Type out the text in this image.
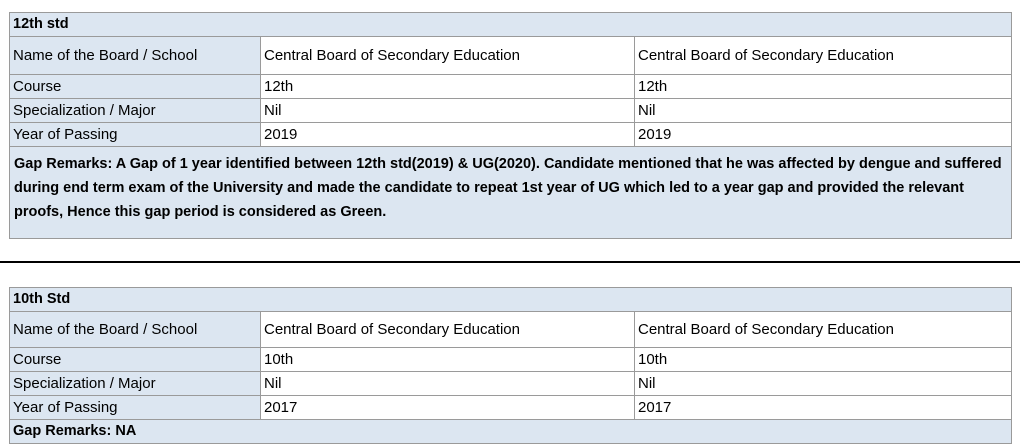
12th std		
Name of the Board / School	Central Board of Secondary Education	Central Board of Secondary Education
Course	12th	12th
Specialization / Major	Nil	Nil
Year of Passing	2019	2019
Gap Remarks: A Gap of 1 year identified between 12th std(2019) & UG(2020). Candidate mentioned that he was affected by dengue and suffered during end term exam of the University and made the candidate to repeat 1st year of UG which led to a year gap and provided the relevant proofs, Hence this gap period is considered as Green.		
10th Std		
Name of the Board / School	Central Board of Secondary Education	Central Board of Secondary Education
Course	10th	10th
Specialization / Major	Nil	Nil
Year of Passing	2017	2017
Gap Remarks: NA		
